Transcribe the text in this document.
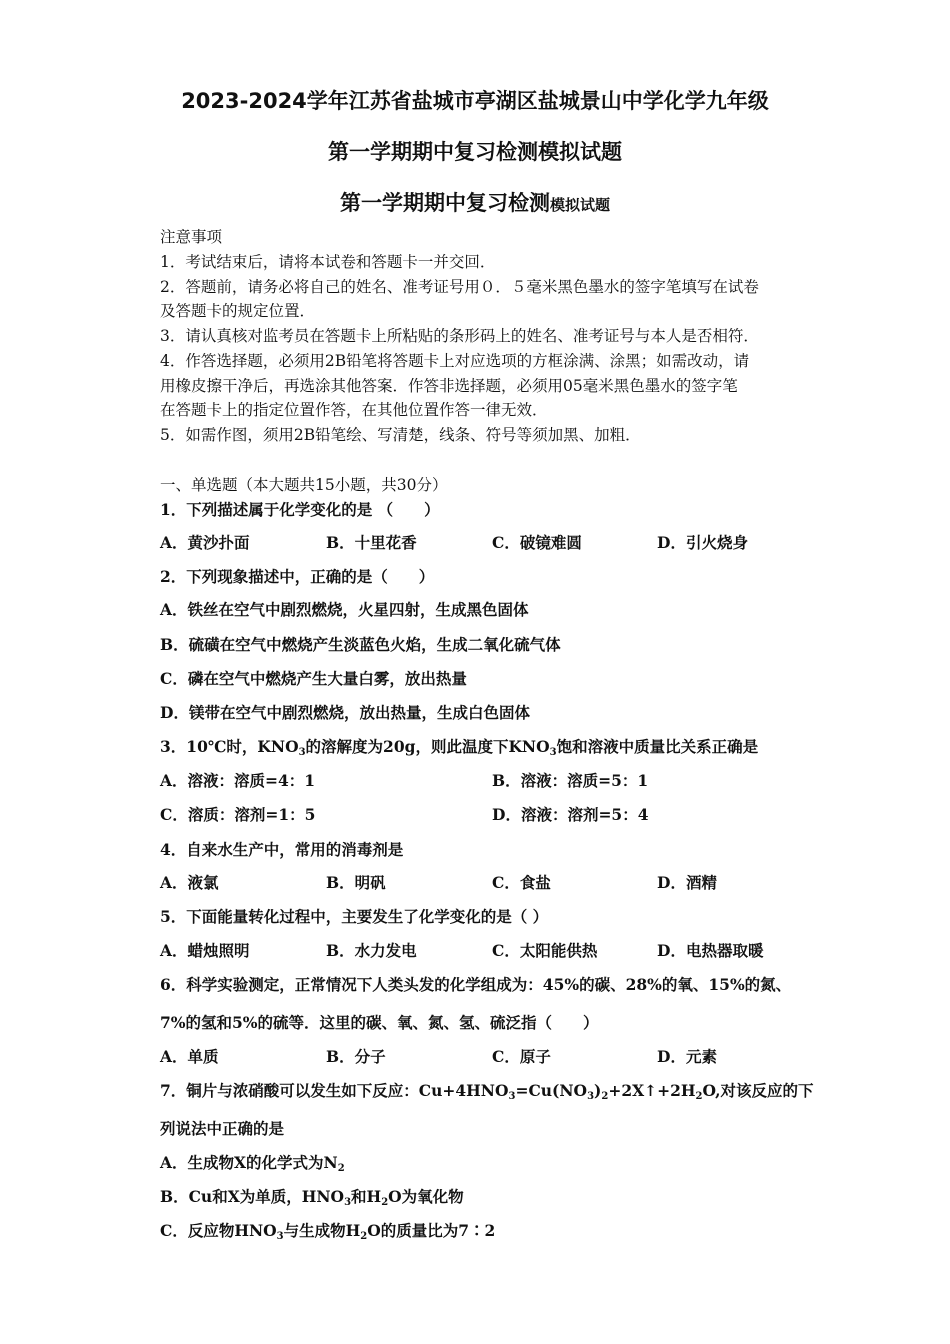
2023-2024学年江苏省盐城市亭湖区盐城景山中学化学九年级
第一学期期中复习检测模拟试题
第一学期期中复习检测模拟试题

注意事项

1．考试结束后，请将本试卷和答题卡一并交回．

2．答题前，请务必将自己的姓名、准考证号用０．５毫米黑色墨水的签字笔填写在试卷

及答题卡的规定位置．

3．请认真核对监考员在答题卡上所粘贴的条形码上的姓名、准考证号与本人是否相符．

4．作答选择题，必须用2B铅笔将答题卡上对应选项的方框涂满、涂黑；如需改动，请

用橡皮擦干净后，再选涂其他答案．作答非选择题，必须用05毫米黑色墨水的签字笔

在答题卡上的指定位置作答，在其他位置作答一律无效．

5．如需作图，须用2B铅笔绘、写清楚，线条、符号等须加黑、加粗．

一、单选题（本大题共15小题，共30分）

1．下列描述属于化学变化的是 （　　）

A．黄沙扑面	B．十里花香	C．破镜难圆	D．引火烧身

2．下列现象描述中，正确的是（　　）

A．铁丝在空气中剧烈燃烧，火星四射，生成黑色固体

B．硫磺在空气中燃烧产生淡蓝色火焰，生成二氧化硫气体

C．磷在空气中燃烧产生大量白雾，放出热量

D．镁带在空气中剧烈燃烧，放出热量，生成白色固体

3．10℃时，$KNO_3$的溶解度为20g，则此温度下$KNO_3$饱和溶液中质量比关系正确是

A．溶液：溶质=4：1	B．溶液：溶质=5：1
C．溶质：溶剂=1：5	D．溶液：溶剂=5：4

4．自来水生产中，常用的消毒剂是

A．液氯	B．明矾	C．食盐	D．酒精

5．下面能量转化过程中，主要发生了化学变化的是（ ）

A．蜡烛照明	B．水力发电	C．太阳能供热	D．电热器取暖

6．科学实验测定，正常情况下人类头发的化学组成为：45%的碳、28%的氧、15%的氮、

7%的氢和5%的硫等．这里的碳、氧、氮、氢、硫泛指（　　）

A．单质	B．分子	C．原子	D．元素

7．铜片与浓硝酸可以发生如下反应：$Cu+4HNO_3=Cu(NO_3)_2+2X↑+2H_2O$,对该反应的下

列说法中正确的是

A．生成物X的化学式为$N_2$

B．Cu和X为单质，$HNO_3$和$H_2O$为氧化物

C．反应物$HNO_3$与生成物$H_2O$的质量比为7∶2
